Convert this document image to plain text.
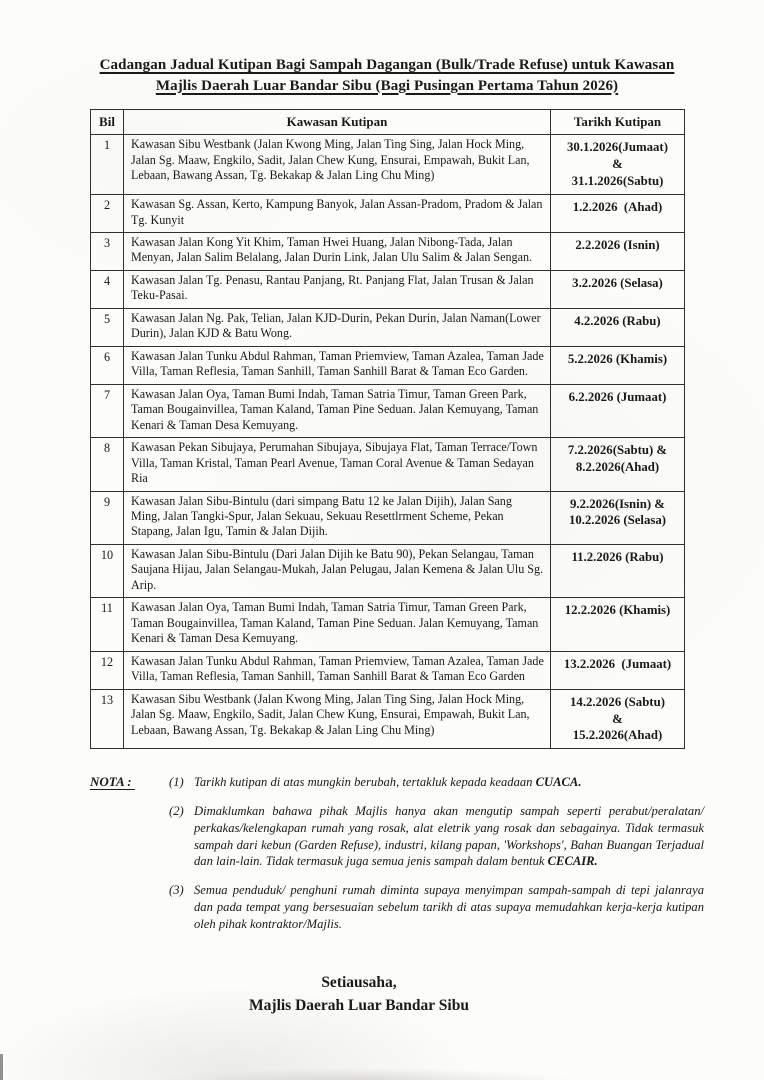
Cadangan Jadual Kutipan Bagi Sampah Dagangan (Bulk/Trade Refuse) untuk Kawasan
Majlis Daerah Luar Bandar Sibu (Bagi Pusingan Pertama Tahun 2026)
Bil	Kawasan Kutipan	Tarikh Kutipan
1	Kawasan Sibu Westbank (Jalan Kwong Ming, Jalan Ting Sing, Jalan Hock Ming, Jalan Sg. Maaw, Engkilo, Sadit, Jalan Chew Kung, Ensurai, Empawah, Bukit Lan, Lebaan, Bawang Assan, Tg. Bekakap & Jalan Ling Chu Ming)	30.1.2026(Jumaat)
&
31.1.2026(Sabtu)
2	Kawasan Sg. Assan, Kerto, Kampung Banyok, Jalan Assan-Pradom, Pradom & Jalan Tg. Kunyit	1.2.2026  (Ahad)
3	Kawasan Jalan Kong Yit Khim, Taman Hwei Huang, Jalan Nibong-Tada, Jalan Menyan, Jalan Salim Belalang, Jalan Durin Link, Jalan Ulu Salim & Jalan Sengan.	2.2.2026 (Isnin)
4	Kawasan Jalan Tg. Penasu, Rantau Panjang, Rt. Panjang Flat, Jalan Trusan & Jalan Teku-Pasai.	3.2.2026 (Selasa)
5	Kawasan Jalan Ng. Pak, Telian, Jalan KJD-Durin, Pekan Durin, Jalan Naman(Lower Durin), Jalan KJD & Batu Wong.	4.2.2026 (Rabu)
6	Kawasan Jalan Tunku Abdul Rahman, Taman Priemview, Taman Azalea, Taman Jade Villa, Taman Reflesia, Taman Sanhill, Taman Sanhill Barat & Taman Eco Garden.	5.2.2026 (Khamis)
7	Kawasan Jalan Oya, Taman Bumi Indah, Taman Satria Timur, Taman Green Park, Taman Bougainvillea, Taman Kaland, Taman Pine Seduan. Jalan Kemuyang, Taman Kenari & Taman Desa Kemuyang.	6.2.2026 (Jumaat)
8	Kawasan Pekan Sibujaya, Perumahan Sibujaya, Sibujaya Flat, Taman Terrace/Town Villa, Taman Kristal, Taman Pearl Avenue, Taman Coral Avenue & Taman Sedayan Ria	7.2.2026(Sabtu) &
8.2.2026(Ahad)
9	Kawasan Jalan Sibu-Bintulu (dari simpang Batu 12 ke Jalan Dijih), Jalan Sang Ming, Jalan Tangki-Spur, Jalan Sekuau, Sekuau Resettlrment Scheme, Pekan Stapang, Jalan Igu, Tamin & Jalan Dijih.	9.2.2026(Isnin) &
10.2.2026 (Selasa)
10	Kawasan Jalan Sibu-Bintulu (Dari Jalan Dijih ke Batu 90), Pekan Selangau, Taman Saujana Hijau, Jalan Selangau-Mukah, Jalan Pelugau, Jalan Kemena & Jalan Ulu Sg. Arip.	11.2.2026 (Rabu)
11	Kawasan Jalan Oya, Taman Bumi Indah, Taman Satria Timur, Taman Green Park, Taman Bougainvillea, Taman Kaland, Taman Pine Seduan. Jalan Kemuyang, Taman Kenari & Taman Desa Kemuyang.	12.2.2026 (Khamis)
12	Kawasan Jalan Tunku Abdul Rahman, Taman Priemview, Taman Azalea, Taman Jade Villa, Taman Reflesia, Taman Sanhill, Taman Sanhill Barat & Taman Eco Garden	13.2.2026  (Jumaat)
13	Kawasan Sibu Westbank (Jalan Kwong Ming, Jalan Ting Sing, Jalan Hock Ming, Jalan Sg. Maaw, Engkilo, Sadit, Jalan Chew Kung, Ensurai, Empawah, Bukit Lan, Lebaan, Bawang Assan, Tg. Bekakap & Jalan Ling Chu Ming)	14.2.2026 (Sabtu)
&
15.2.2026(Ahad)
NOTA :	(1) Tarikh kutipan di atas mungkin berubah, tertakluk kepada keadaan CUACA.
(2) Dimaklumkan bahawa pihak Majlis hanya akan mengutip sampah seperti perabut/peralatan/ perkakas/kelengkapan rumah yang rosak, alat eletrik yang rosak dan sebagainya. Tidak termasuk sampah dari kebun (Garden Refuse), industri, kilang papan, 'Workshops', Bahan Buangan Terjadual dan lain-lain. Tidak termasuk juga semua jenis sampah dalam bentuk CECAIR.
(3) Semua penduduk/ penghuni rumah diminta supaya menyimpan sampah-sampah di tepi jalanraya dan pada tempat yang bersesuaian sebelum tarikh di atas supaya memudahkan kerja-kerja kutipan oleh pihak kontraktor/Majlis.
Setiausaha,
Majlis Daerah Luar Bandar Sibu
